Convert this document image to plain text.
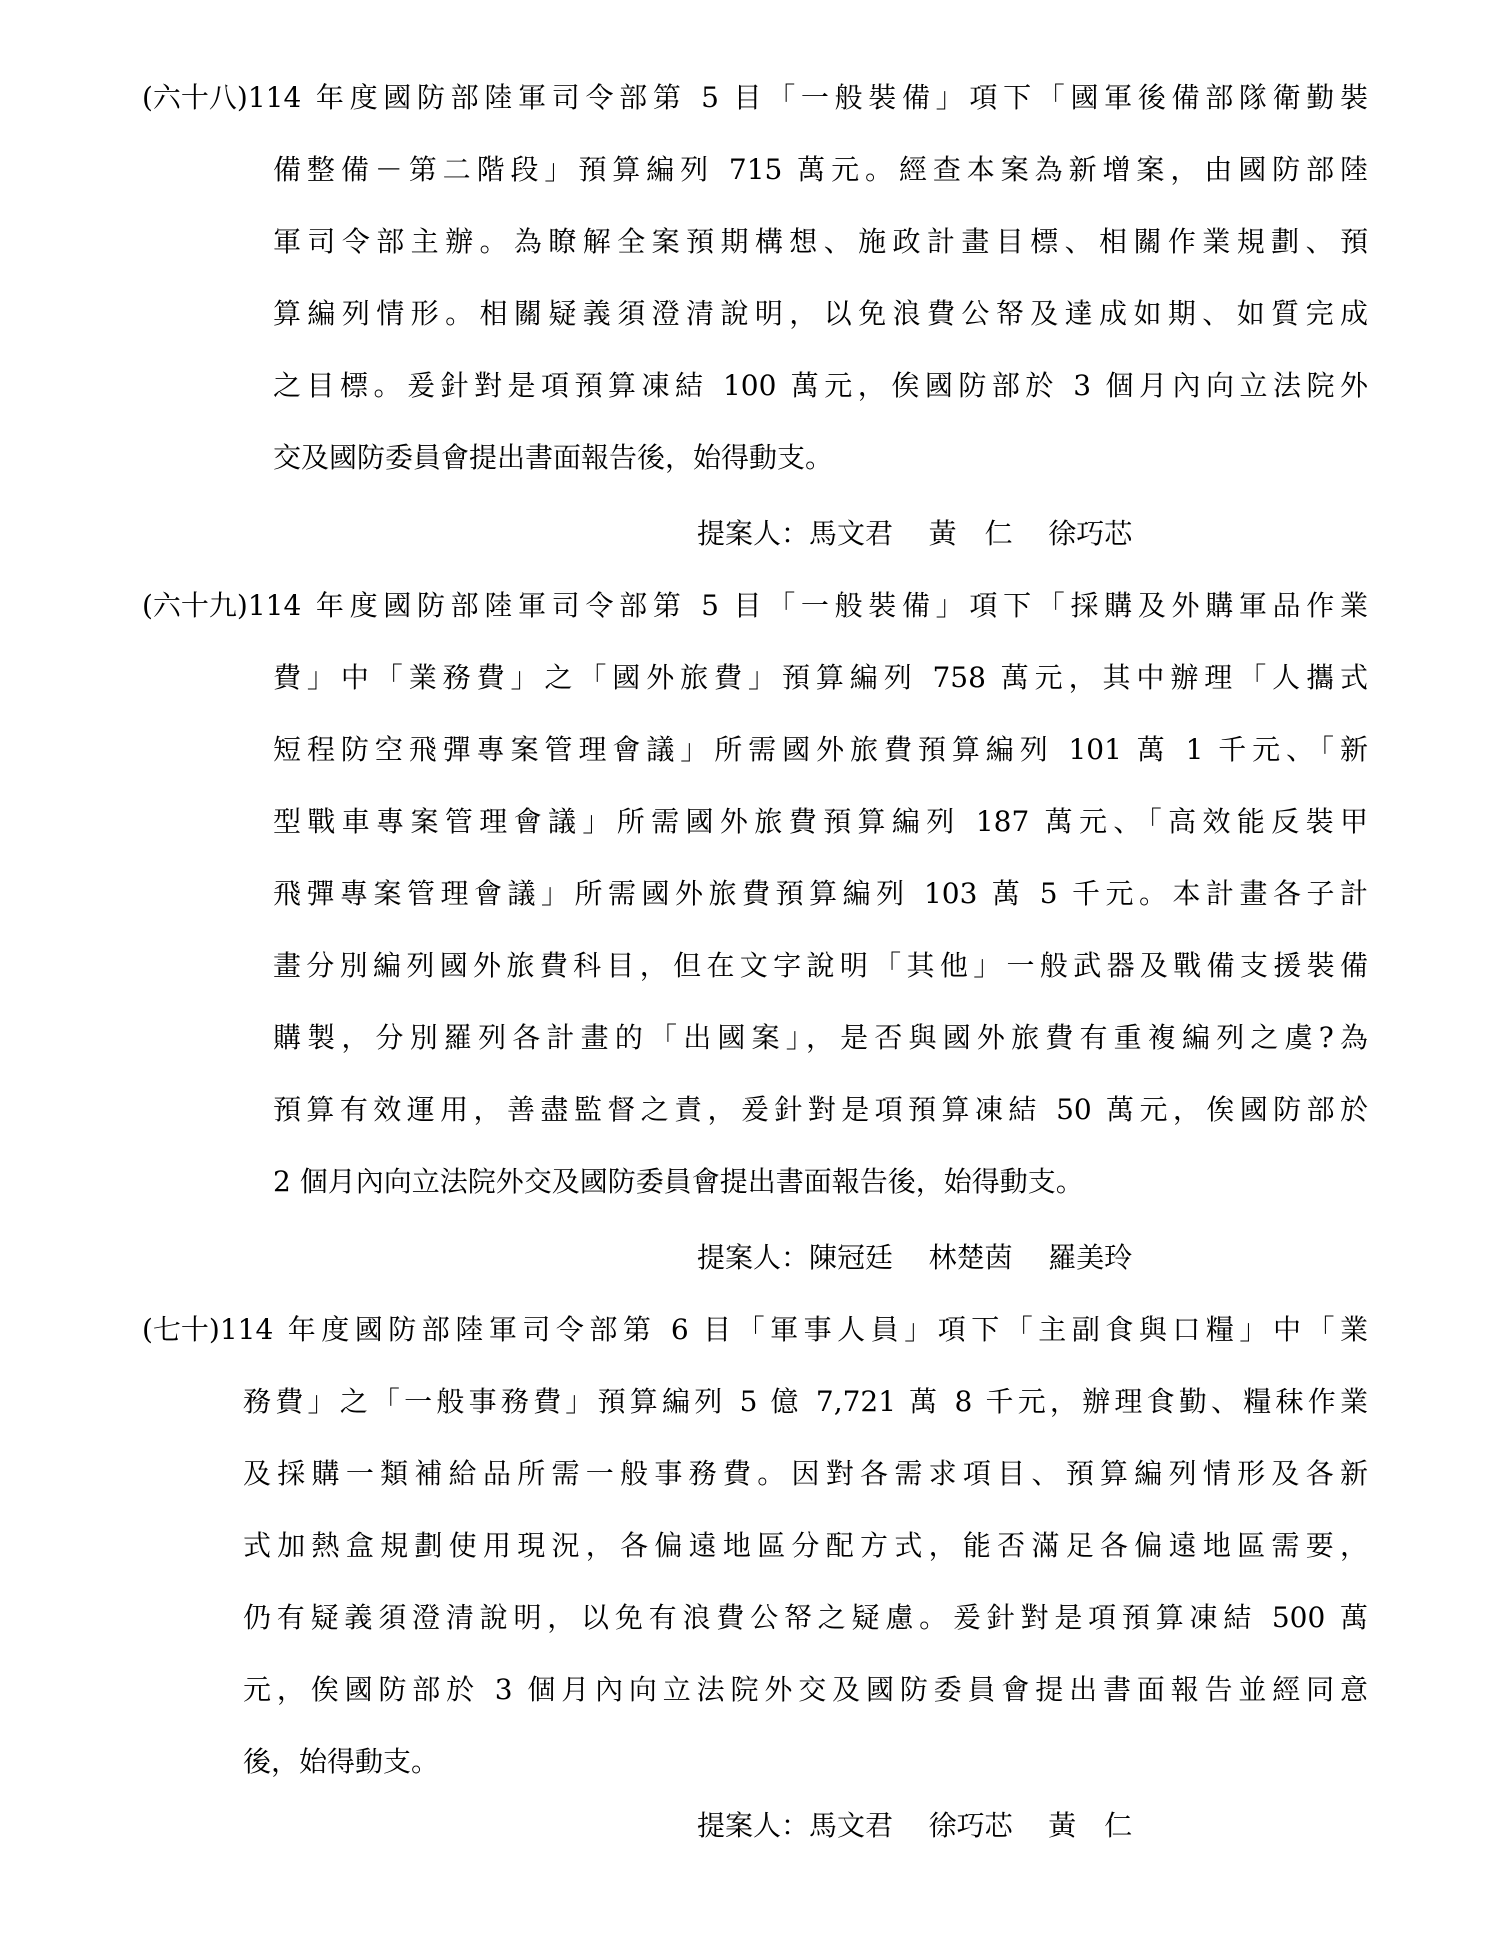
(六十八) 114 年度國防部陸軍司令部第 5 目「一般裝備」項下「國軍後備部隊衛勤裝
備整備－第二階段」預算編列 715 萬元。經查本案為新增案，由國防部陸
軍司令部主辦。為瞭解全案預期構想、施政計畫目標、相關作業規劃、預
算編列情形。相關疑義須澄清說明，以免浪費公帑及達成如期、如質完成
之目標。爰針對是項預算凍結 100 萬元，俟國防部於 3 個月內向立法院外
交及國防委員會提出書面報告後，始得動支。
提案人：馬文君 黃　仁 徐巧芯
(六十九) 114 年度國防部陸軍司令部第 5 目「一般裝備」項下「採購及外購軍品作業
費」中「業務費」之「國外旅費」預算編列 758 萬元，其中辦理「人攜式
短程防空飛彈專案管理會議」所需國外旅費預算編列 101 萬 1 千元、「新
型戰車專案管理會議」所需國外旅費預算編列 187 萬元、「高效能反裝甲
飛彈專案管理會議」所需國外旅費預算編列 103 萬 5 千元。本計畫各子計
畫分別編列國外旅費科目，但在文字說明「其他」一般武器及戰備支援裝備
購製，分別羅列各計畫的「出國案」，是否與國外旅費有重複編列之虞?為
預算有效運用，善盡監督之責，爰針對是項預算凍結 50 萬元，俟國防部於
2 個月內向立法院外交及國防委員會提出書面報告後，始得動支。
提案人：陳冠廷 林楚茵 羅美玲
(七十) 114 年度國防部陸軍司令部第 6 目「軍事人員」項下「主副食與口糧」中「業
務費」之「一般事務費」預算編列 5 億 7,721 萬 8 千元，辦理食勤、糧秣作業
及採購一類補給品所需一般事務費。因對各需求項目、預算編列情形及各新
式加熱盒規劃使用現況，各偏遠地區分配方式，能否滿足各偏遠地區需要，
仍有疑義須澄清說明，以免有浪費公帑之疑慮。爰針對是項預算凍結 500 萬
元，俟國防部於 3 個月內向立法院外交及國防委員會提出書面報告並經同意
後，始得動支。
提案人：馬文君 徐巧芯 黃　仁
